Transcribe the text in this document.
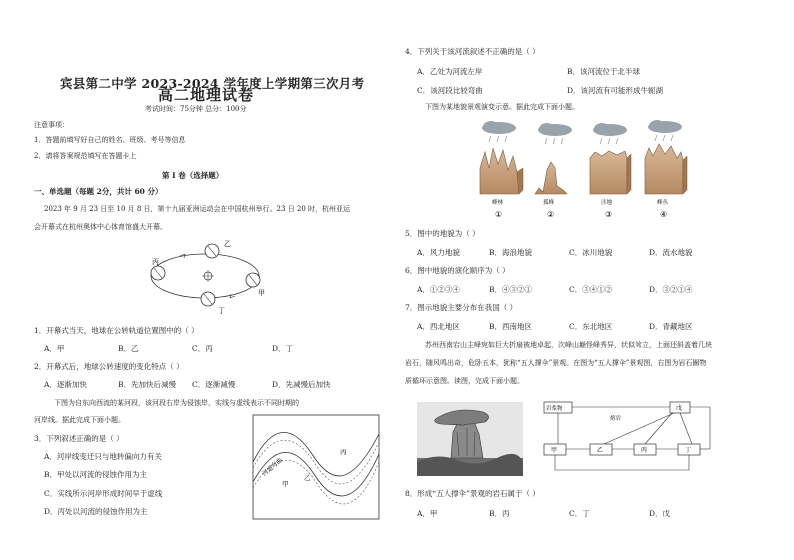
宾县第二中学 2023-2024 学年度上学期第三次月考
高二地理试卷
考试时间：75分钟 总分：100分
注意事项：
1．答题前填写好自己的姓名、班级、考号等信息
2．请将答案规范填写在答题卡上
第 I 卷（选择题）
一、单选题（每题 2分，共计 60 分）
2023 年 9 月 23 日至 10 月 8 日，第十九届亚洲运动会在中国杭州举行。23 日 20 时，杭州亚运
会开幕式在杭州奥体中心体育馆盛大开幕。
乙
丙
甲
丁
1．开幕式当天，地球在公转轨道位置图中的（ ）
A．甲	B．乙	C．丙	D．丁
2．开幕式后，地球公转速度的变化特点（ ）
A．逐渐加快	B．先加快后减慢 C．逐渐减慢	D．先减慢后加快
下图为自东向西流的某河段，该河段右岸为侵蚀岸，实线与虚线表示不同时期的
河岸线。据此完成下面小题。
3．下列叙述正确的是（ ）
A．河岸线变迁只与地转偏向力有关
B．甲处以河流的侵蚀作用为主
C．实线所示河岸形成时间早于虚线
D．丙处以河流的侵蚀作用为主
河道弯曲
甲
乙
丙
4．下列关于该河流叙述不正确的是（ ）
A．乙处为河流左岸	B．该河流位于北半球
C．该河段比较弯曲	D．该河流有可能形成牛轭湖
下图为某地貌景观演变示意。据此完成下面小题。
峰林	孤峰	洼地	峰丛
①	②	③	④
5．图中的地貌为（ ）
A．风力地貌	B．海浪地貌	C．冰川地貌	D．流水地貌
6．图中地貌的演化顺序为（ ）
A．①②③④	B．④③②①	C．③④①②	D．③②①④
7．图示地貌主要分布在我国（ ）
A．西北地区	B．西南地区	C．东北地区	D．青藏地区
苏州西南宕山主峰宛如巨大折扇被地卓起，次峰山巅怪峰秀异，状似耸立，上面还斜盖着几块
岩石，随风鸣出奇，危卧五本，犹称“五人撑伞”景观。在图为“五人撑伞”景观图，右图为岩石圈物
质循环示意图。读图，完成下面小题。
岩浆物	戊
熔岩
甲	乙	丙	丁
8．形成“五人撑伞”景观的岩石属于（ ）
A．甲	B．丙	C．丁	D．戊
